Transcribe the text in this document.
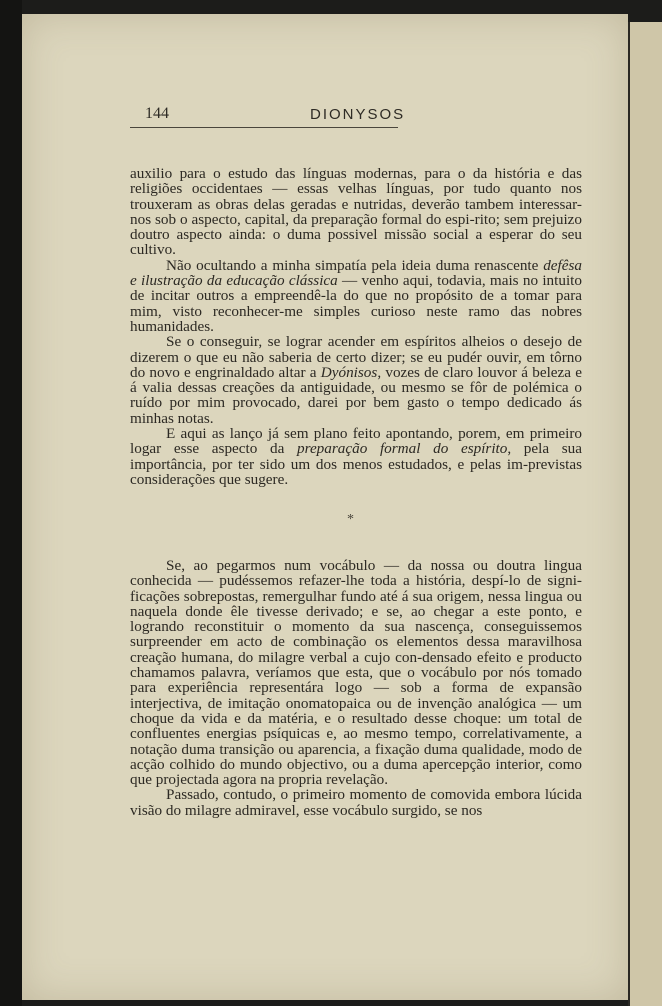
144	DIONYSOS

auxilio para o estudo das línguas modernas, para o da história e das religiões occidentaes — essas velhas línguas, por tudo quanto nos trouxeram as obras delas geradas e nutridas, deverão tambem interessar-nos sob o aspecto, capital, da preparação formal do espi-rito; sem prejuizo doutro aspecto ainda: o duma possivel missão social a esperar do seu cultivo.

Não ocultando a minha simpatía pela ideia duma renascente defêsa e ilustração da educação clássica — venho aqui, todavia, mais no intuito de incitar outros a empreendê-la do que no propósito de a tomar para mim, visto reconhecer-me simples curioso neste ramo das nobres humanidades.

Se o conseguir, se lograr acender em espíritos alheios o desejo de dizerem o que eu não saberia de certo dizer; se eu pudér ouvir, em tôrno do novo e engrinaldado altar a Dyónisos, vozes de claro louvor á beleza e á valia dessas creações da antiguidade, ou mesmo se fôr de polémica o ruído por mim provocado, darei por bem gasto o tempo dedicado ás minhas notas.

E aqui as lanço já sem plano feito apontando, porem, em primeiro logar esse aspecto da preparação formal do espírito, pela sua importância, por ter sido um dos menos estudados, e pelas im-previstas considerações que sugere.

*

Se, ao pegarmos num vocábulo — da nossa ou doutra lingua conhecida — pudéssemos refazer-lhe toda a história, despí-lo de signi-ficações sobrepostas, remergulhar fundo até á sua origem, nessa lingua ou naquela donde êle tivesse derivado; e se, ao chegar a este ponto, e logrando reconstituir o momento da sua nascença, conseguissemos surpreender em acto de combinação os elementos dessa maravilhosa creação humana, do milagre verbal a cujo con-densado efeito e producto chamamos palavra, veríamos que esta, que o vocábulo por nós tomado para experiência representára logo — sob a forma de expansão interjectiva, de imitação onomatopaica ou de invenção analógica — um choque da vida e da matéria, e o resultado desse choque: um total de confluentes energias psíquicas e, ao mesmo tempo, correlativamente, a notação duma transição ou aparencia, a fixação duma qualidade, modo de acção colhido do mundo objectivo, ou a duma apercepção interior, como que projectada agora na propria revelação.

Passado, contudo, o primeiro momento de comovida embora lúcida visão do milagre admiravel, esse vocábulo surgido, se nos
